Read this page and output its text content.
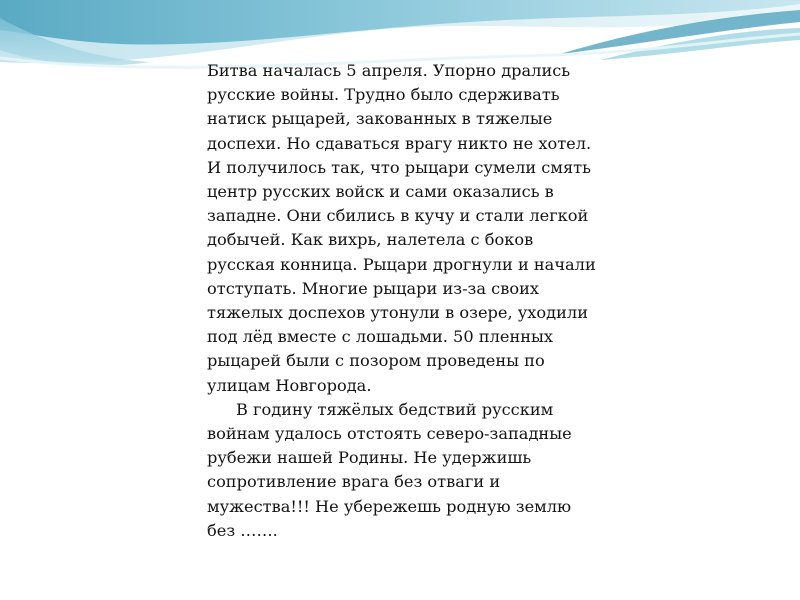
Битва началась 5 апреля. Упорно дрались русские войны. Трудно было сдерживать натиск рыцарей, закованных в тяжелые доспехи. Но сдаваться врагу никто не хотел. И получилось так, что рыцари сумели смять центр русских войск и сами оказались в западне. Они сбились в кучу и стали легкой добычей. Как вихрь, налетела с боков русская конница. Рыцари дрогнули и начали отступать. Многие рыцари из-за своих тяжелых доспехов утонули в озере, уходили под лёд вместе с лошадьми. 50 пленных рыцарей были с позором проведены по улицам Новгорода.

В годину тяжёлых бедствий русским войнам удалось отстоять северо-западные рубежи нашей Родины. Не удержишь сопротивление врага без отваги и мужества!!! Не убережешь родную землю без …….
